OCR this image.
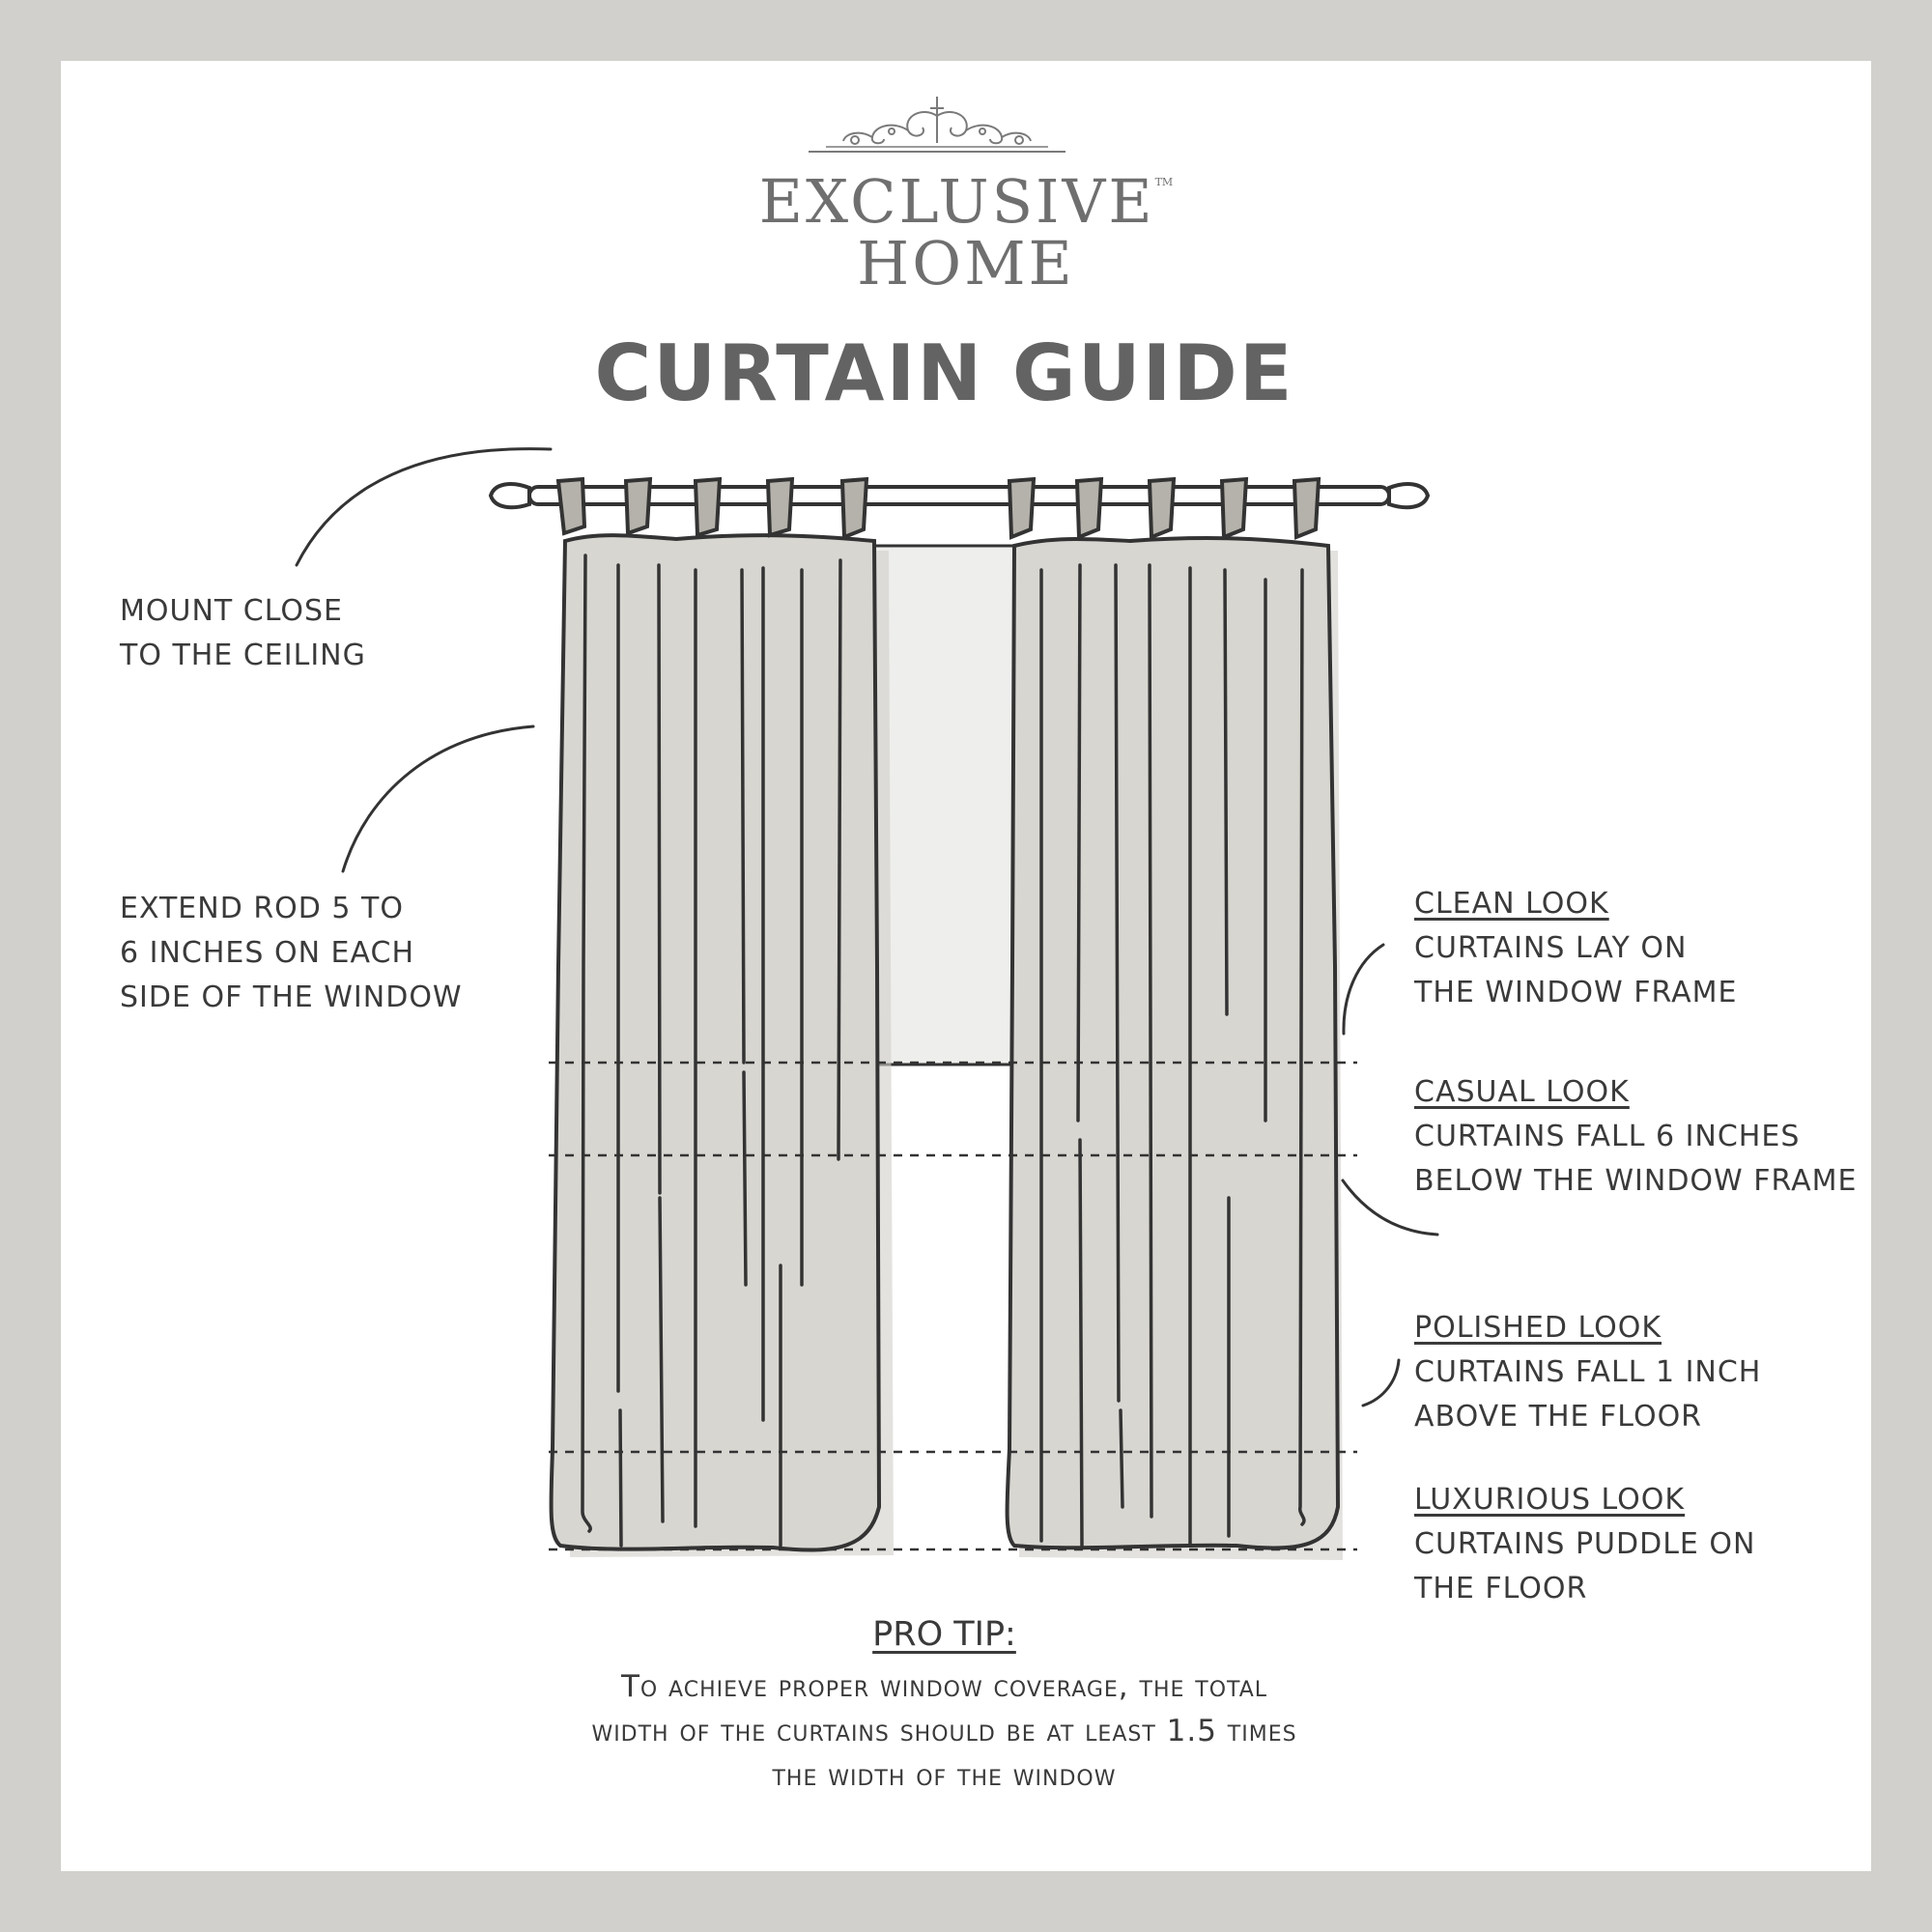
EXCLUSIVE™
HOME
CURTAIN GUIDE
MOUNT CLOSE
TO THE CEILING
EXTEND ROD 5 TO
6 INCHES ON EACH
SIDE OF THE WINDOW
CLEAN LOOK
CURTAINS LAY ON
THE WINDOW FRAME
CASUAL LOOK
CURTAINS FALL 6 INCHES
BELOW THE WINDOW FRAME
POLISHED LOOK
CURTAINS FALL 1 INCH
ABOVE THE FLOOR
LUXURIOUS LOOK
CURTAINS PUDDLE ON
THE FLOOR
PRO TIP:
To achieve proper window coverage, the total
width of the curtains should be at least 1.5 times
the width of the window
